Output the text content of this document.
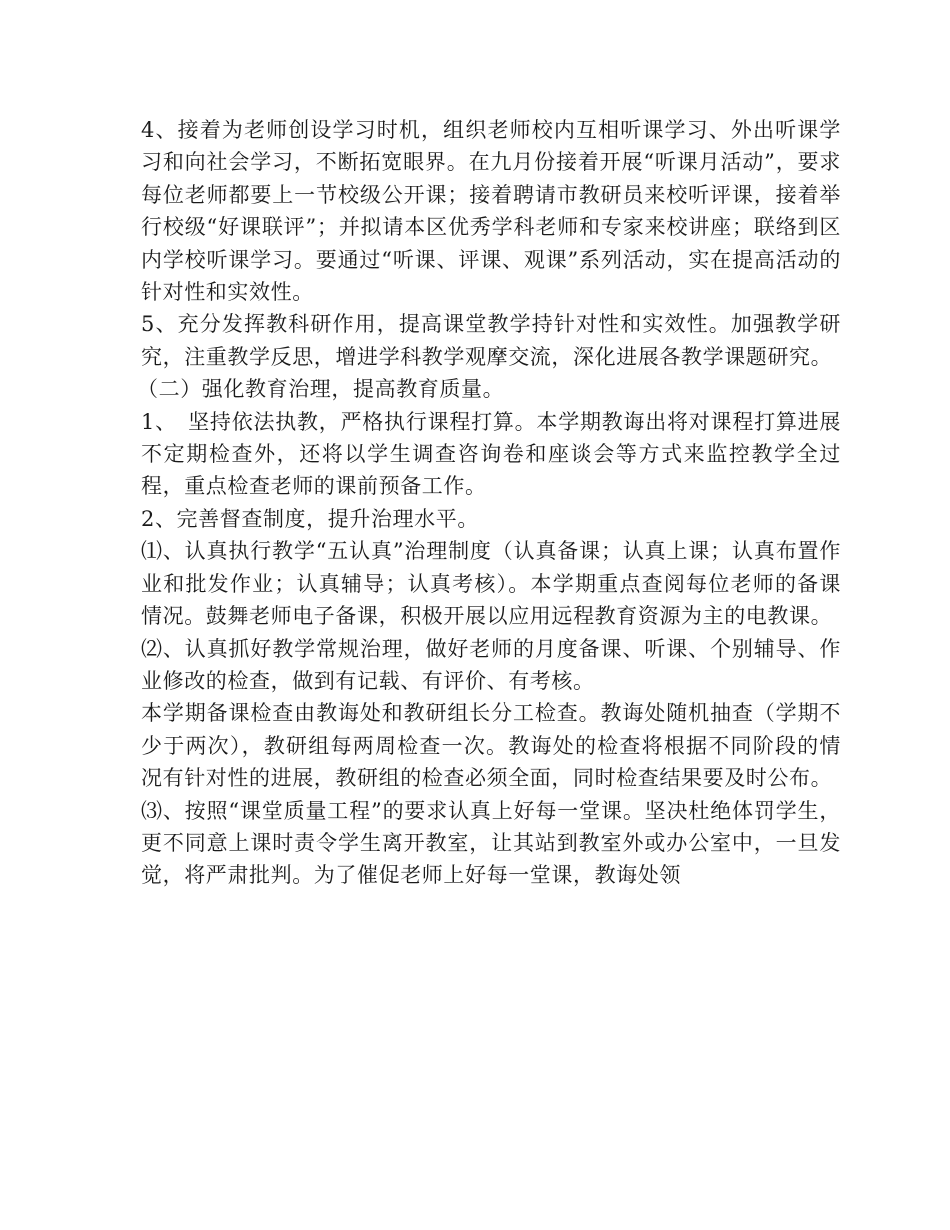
4、接着为老师创设学习时机，组织老师校内互相听课学习、外出听课学习和向社会学习，不断拓宽眼界。在九月份接着开展“听课月活动”，要求每位老师都要上一节校级公开课；接着聘请市教研员来校听评课，接着举行校级“好课联评”；并拟请本区优秀学科老师和专家来校讲座；联络到区内学校听课学习。要通过“听课、评课、观课”系列活动，实在提高活动的针对性和实效性。

5、充分发挥教科研作用，提高课堂教学持针对性和实效性。加强教学研究，注重教学反思，增进学科教学观摩交流，深化进展各教学课题研究。

（二）强化教育治理，提高教育质量。

1、　坚持依法执教，严格执行课程打算。本学期教诲出将对课程打算进展不定期检查外，还将以学生调查咨询卷和座谈会等方式来监控教学全过程，重点检查老师的课前预备工作。

2、完善督查制度，提升治理水平。

⑴、认真执行教学“五认真”治理制度（认真备课；认真上课；认真布置作业和批发作业；认真辅导；认真考核）。本学期重点查阅每位老师的备课情况。鼓舞老师电子备课，积极开展以应用远程教育资源为主的电教课。

⑵、认真抓好教学常规治理，做好老师的月度备课、听课、个别辅导、作业修改的检查，做到有记载、有评价、有考核。

本学期备课检查由教诲处和教研组长分工检查。教诲处随机抽查（学期不少于两次），教研组每两周检查一次。教诲处的检查将根据不同阶段的情况有针对性的进展，教研组的检查必须全面，同时检查结果要及时公布。

⑶、按照“课堂质量工程”的要求认真上好每一堂课。坚决杜绝体罚学生，更不同意上课时责令学生离开教室，让其站到教室外或办公室中，一旦发觉，将严肃批判。为了催促老师上好每一堂课，教诲处领
